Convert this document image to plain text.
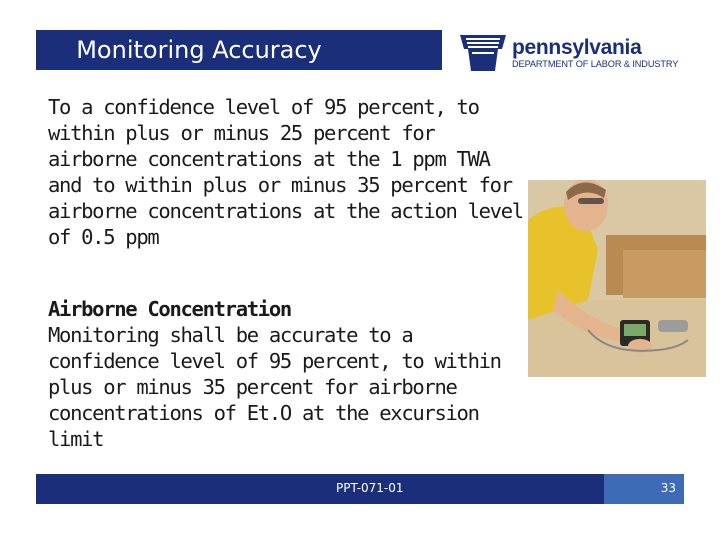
Monitoring Accuracy	pennsylvania
DEPARTMENT OF LABOR & INDUSTRY
To a confidence level of 95 percent, to within plus or minus 25 percent for airborne concentrations at the 1 ppm TWA and to within plus or minus 35 percent for airborne concentrations at the action level of 0.5 ppm
Airborne Concentration
Monitoring shall be accurate to a confidence level of 95 percent, to within plus or minus 35 percent for airborne concentrations of Et.O at the excursion limit
PPT-071-01	33
